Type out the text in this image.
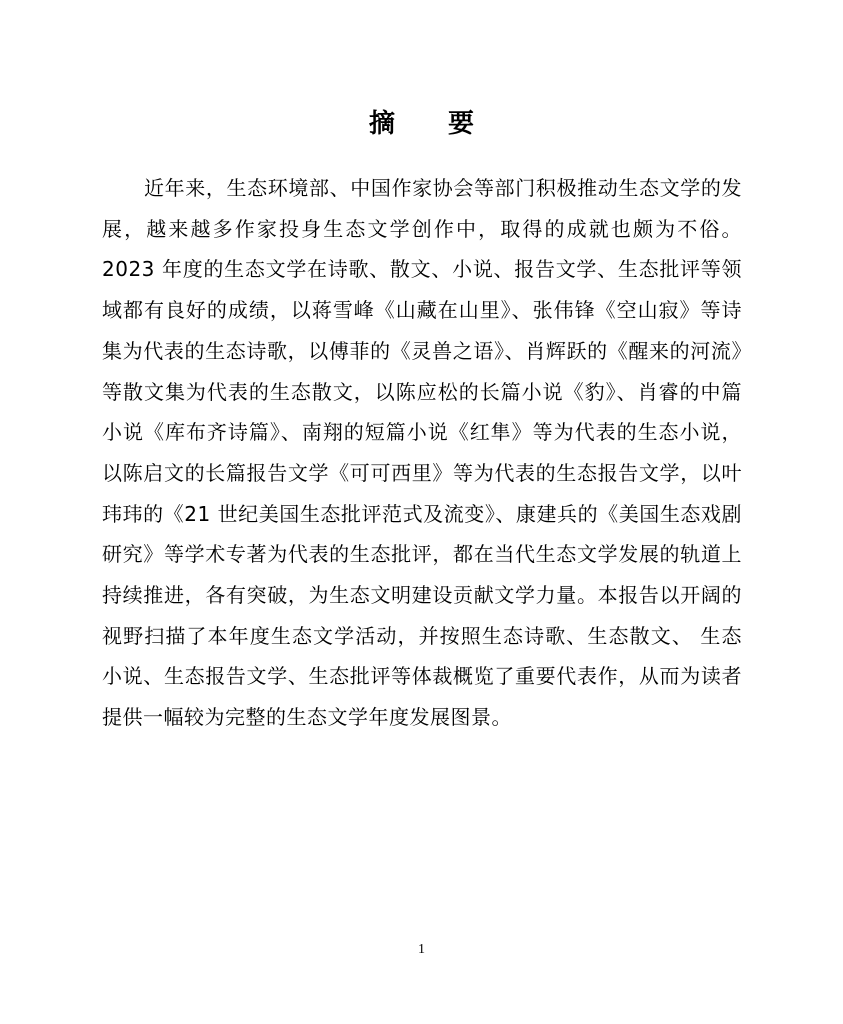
摘 要

近年来，生态环境部、中国作家协会等部门积极推动生态文学的发展，越来越多作家投身生态文学创作中，取得的成就也颇为不俗。2023 年度的生态文学在诗歌、散文、小说、报告文学、生态批评等领域都有良好的成绩，以蒋雪峰《山藏在山里》、张伟锋《空山寂》等诗集为代表的生态诗歌，以傅菲的《灵兽之语》、肖辉跃的《醒来的河流》等散文集为代表的生态散文，以陈应松的长篇小说《豹》、肖睿的中篇小说《库布齐诗篇》、南翔的短篇小说《红隼》等为代表的生态小说，以陈启文的长篇报告文学《可可西里》等为代表的生态报告文学，以叶玮玮的《21 世纪美国生态批评范式及流变》、康建兵的《美国生态戏剧研究》等学术专著为代表的生态批评，都在当代生态文学发展的轨道上持续推进，各有突破，为生态文明建设贡献文学力量。本报告以开阔的视野扫描了本年度生态文学活动，并按照生态诗歌、生态散文、 生态小说、生态报告文学、生态批评等体裁概览了重要代表作，从而为读者提供一幅较为完整的生态文学年度发展图景。

1
